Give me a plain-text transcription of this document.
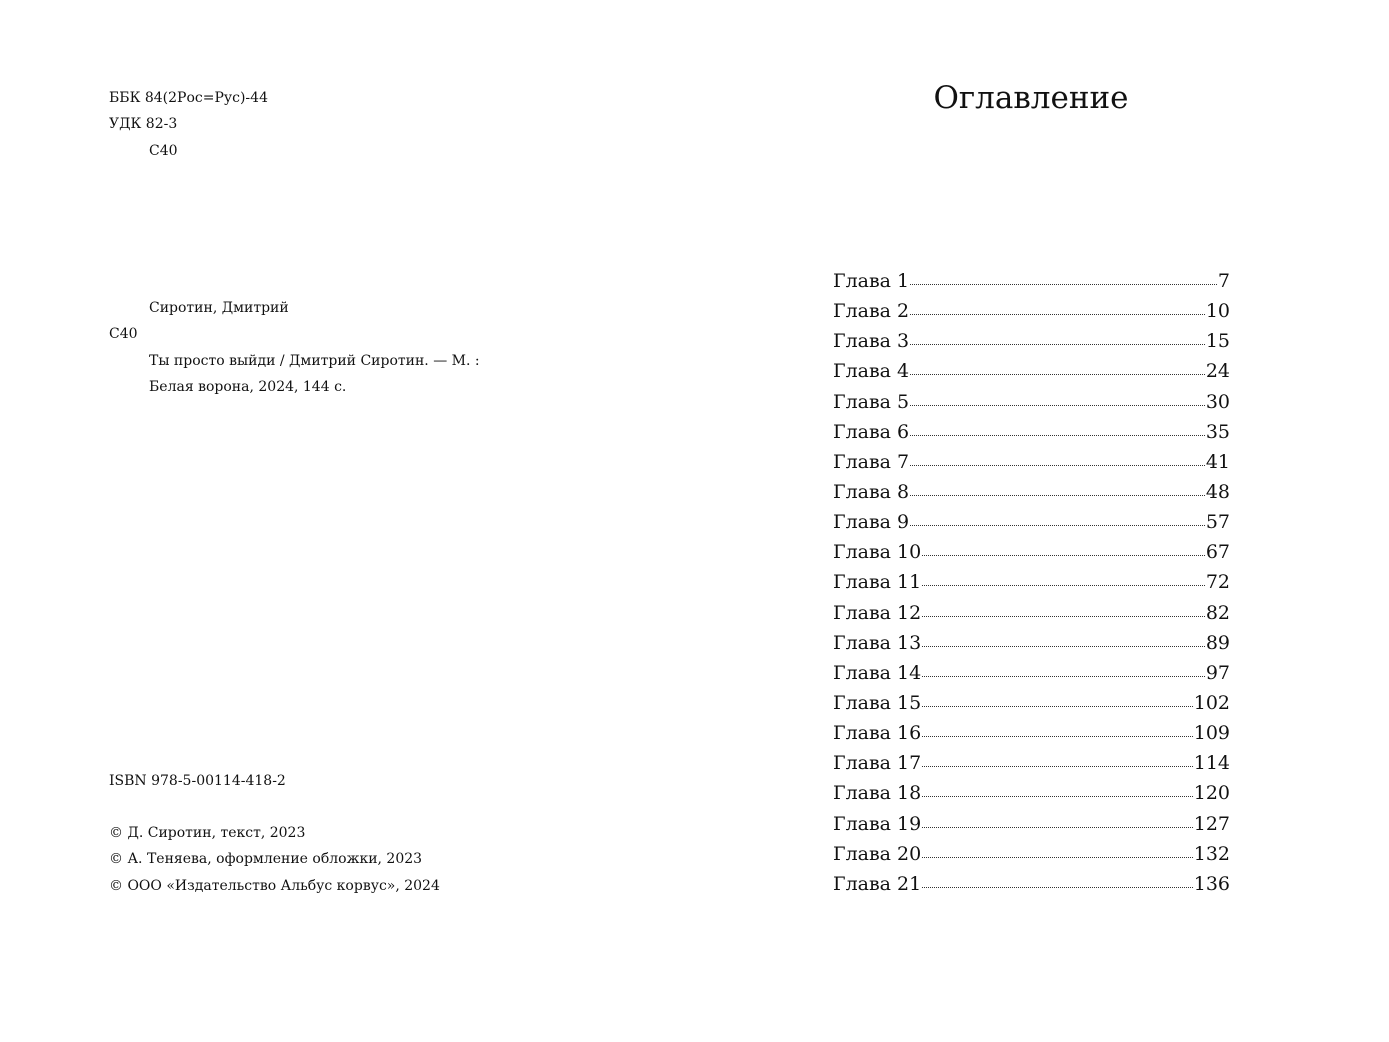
ББК 84(2Рос=Рус)-44
УДК 82-3
С40
Сиротин, Дмитрий
С40
Ты просто выйди / Дмитрий Сиротин. — М. :
Белая ворона, 2024, 144 с.
ISBN 978-5-00114-418-2
© Д. Сиротин, текст, 2023
© А. Теняева, оформление обложки, 2023
© ООО «Издательство Альбус корвус», 2024
Оглавление
Глава 1	7
Глава 2	10
Глава 3	15
Глава 4	24
Глава 5	30
Глава 6	35
Глава 7	41
Глава 8	48
Глава 9	57
Глава 10	67
Глава 11	72
Глава 12	82
Глава 13	89
Глава 14	97
Глава 15	102
Глава 16	109
Глава 17	114
Глава 18	120
Глава 19	127
Глава 20	132
Глава 21	136
